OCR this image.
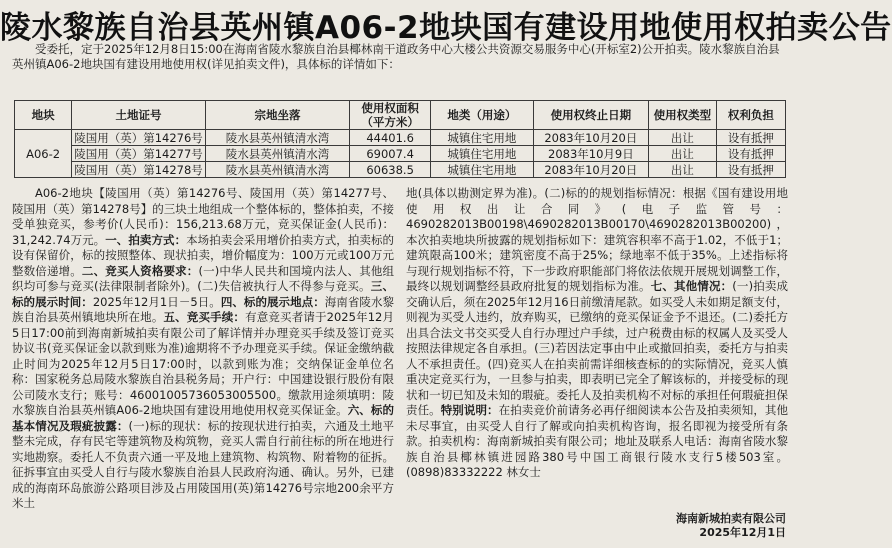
陵水黎族自治县英州镇A06-2地块国有建设用地使用权拍卖公告
受委托，定于2025年12月8日15:00在海南省陵水黎族自治县椰林南干道政务中心大楼公共资源交易服务中心(开标室2)公开拍卖。陵水黎族自治县英州镇A06-2地块国有建设用地使用权(详见拍卖文件)，具体标的详情如下：
地块	土地证号	宗地坐落	使用权面积（平方米）	地类（用途）	使用权终止日期	使用权类型	权利负担
A06-2	陵国用（英）第14276号	陵水县英州镇清水湾	44401.6	城镇住宅用地	2083年10月20日	出让	设有抵押
	陵国用（英）第14277号	陵水县英州镇清水湾	69007.4	城镇住宅用地	2083年10月9日	出让	设有抵押
	陵国用（英）第14278号	陵水县英州镇清水湾	60638.5	城镇住宅用地	2083年10月20日	出让	设有抵押

A06-2地块【陵国用（英）第14276号、陵国用（英）第14277号、陵国用（英）第14278号】的三块土地组成一个整体标的，整体拍卖，不接受单独竞买，参考价(人民币)：156,213.68万元，竞买保证金(人民币)：31,242.74万元。一、拍卖方式：本场拍卖会采用增价拍卖方式，拍卖标的设有保留价，标的按照整体、现状拍卖，增价幅度为：100万元或100万元整数倍递增。二、竞买人资格要求：(一)中华人民共和国境内法人、其他组织均可参与竞买(法律限制者除外)。(二)失信被执行人不得参与竞买。三、标的展示时间：2025年12月1日－5日。四、标的展示地点：海南省陵水黎族自治县英州镇地块所在地。五、竞买手续：有意竞买者请于2025年12月5日17:00前到海南新城拍卖有限公司了解详情并办理竞买手续及签订竞买协议书(竞买保证金以款到账为准)逾期将不予办理竞买手续。保证金缴纳截止时间为2025年12月5日17:00时，以款到账为准；交纳保证金单位名称：国家税务总局陵水黎族自治县税务局；开户行：中国建设银行股份有限公司陵水支行；账号：46001005736053005500。缴款用途须填明：陵水黎族自治县英州镇A06-2地块国有建设用地使用权竞买保证金。六、标的基本情况及瑕疵披露：(一)标的现状：标的按现状进行拍卖，六通及土地平整未完成，存有民宅等建筑物及构筑物，竞买人需自行前往标的所在地进行实地勘察。委托人不负责六通一平及地上建筑物、构筑物、附着物的征拆。征拆事宜由买受人自行与陵水黎族自治县人民政府沟通、确认。另外，已建成的海南环岛旅游公路项目涉及占用陵国用(英)第14276号宗地200余平方米土

地(具体以勘测定界为准)。(二)标的的规划指标情况：根据《国有建设用地使用权出让合同》(电子监管号：4690282013B00198\4690282013B00170\4690282013B00200)，本次拍卖地块所披露的规划指标如下：建筑容积率不高于1.02，不低于1；建筑限高100米；建筑密度不高于25%；绿地率不低于35%。上述指标将与现行规划指标不符，下一步政府职能部门将依法依规开展规划调整工作，最终以规划调整经县政府批复的规划指标为准。七、其他情况：(一)拍卖成交确认后，须在2025年12月16日前缴清尾款。如买受人未如期足额支付，则视为买受人违约，放弃购买，已缴纳的竞买保证金予不退还。(二)委托方出具合法文书交买受人自行办理过户手续，过户税费由标的权属人及买受人按照法律规定各自承担。(三)若因法定事由中止或撤回拍卖，委托方与拍卖人不承担责任。(四)竞买人在拍卖前需详细核查标的的实际情况，竞买人慎重决定竞买行为，一旦参与拍卖，即表明已完全了解该标的，并接受标的现状和一切已知及未知的瑕疵。委托人及拍卖机构不对标的承担任何瑕疵担保责任。特别说明：在拍卖竞价前请务必再仔细阅读本公告及拍卖须知，其他未尽事宜，由买受人自行了解或向拍卖机构咨询，报名即视为接受所有条款。拍卖机构：海南新城拍卖有限公司；地址及联系人电话：海南省陵水黎族自治县椰林镇进园路380号中国工商银行陵水支行5楼503室。(0898)83332222 林女士

海南新城拍卖有限公司
2025年12月1日
